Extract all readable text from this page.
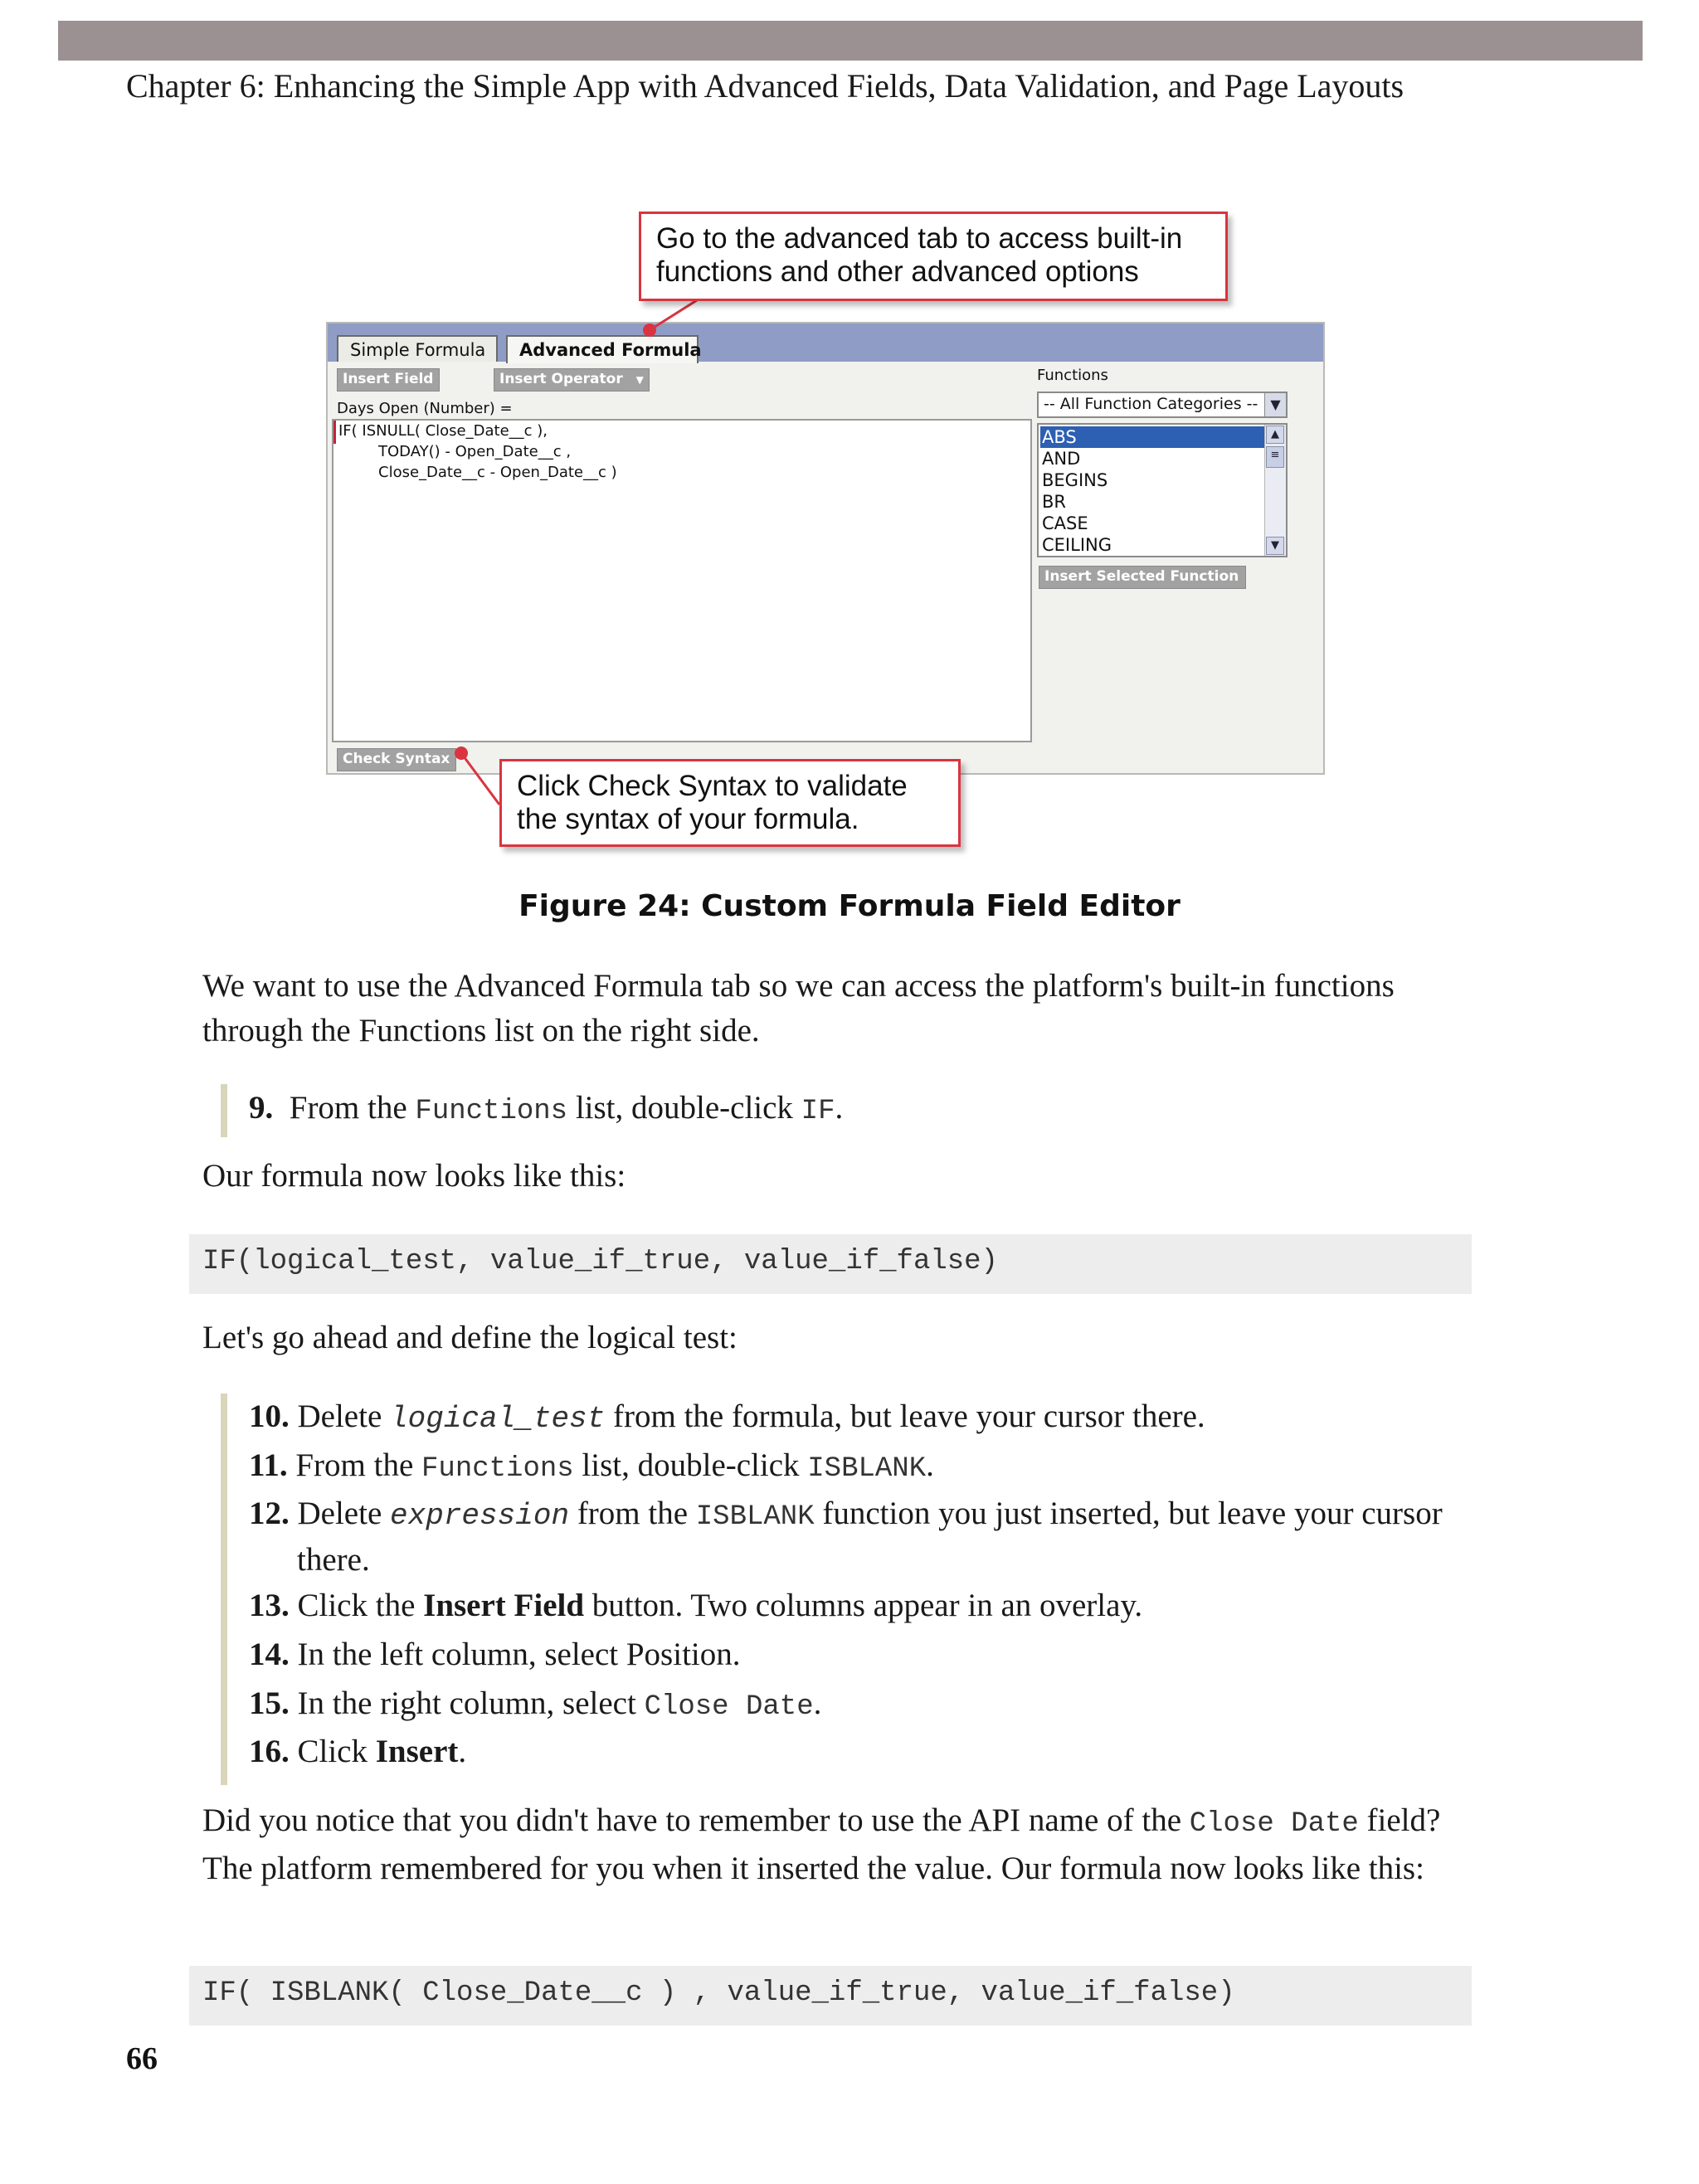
Chapter 6: Enhancing the Simple App with Advanced Fields, Data Validation, and Page Layouts
Simple Formula	Advanced Formula
Insert Field	Insert Operator ▼
Days Open (Number) =
IF( ISNULL( Close_Date__c ),
TODAY() - Open_Date__c ,
Close_Date__c - Open_Date__c )
Functions
-- All Function Categories -- ▼
ABS
AND
BEGINS
BR
CASE
CEILING
▲
≡
▼
Insert Selected Function
Check Syntax
Go to the advanced tab to access built-in
functions and other advanced options
Click Check Syntax to validate
the syntax of your formula.
Figure 24: Custom Formula Field Editor
We want to use the Advanced Formula tab so we can access the platform's built-in functions through the Functions list on the right side.
9. From the Functions list, double-click IF.
Our formula now looks like this:
IF(logical_test, value_if_true, value_if_false)
Let's go ahead and define the logical test:
10. Delete logical_test from the formula, but leave your cursor there.
11. From the Functions list, double-click ISBLANK.
12. Delete expression from the ISBLANK function you just inserted, but leave your cursor there.
13. Click the Insert Field button. Two columns appear in an overlay.
14. In the left column, select Position.
15. In the right column, select Close Date.
16. Click Insert.
Did you notice that you didn't have to remember to use the API name of the Close Date field? The platform remembered for you when it inserted the value. Our formula now looks like this:
IF( ISBLANK( Close_Date__c ) , value_if_true, value_if_false)
66
